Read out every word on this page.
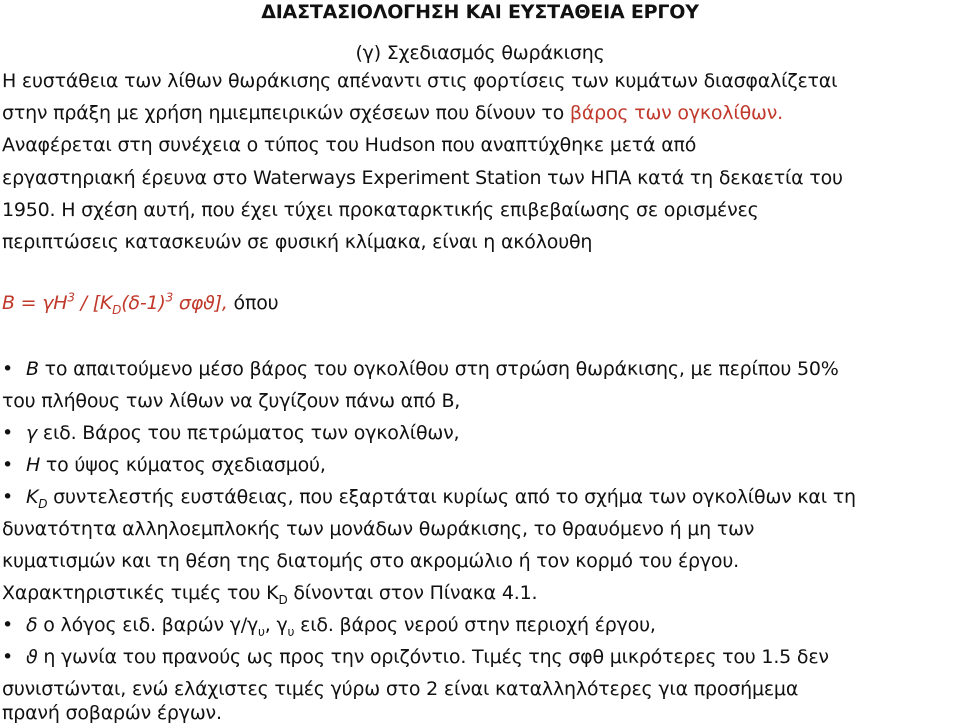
ΔΙΑΣΤΑΣΙΟΛΟΓΗΣΗ ΚΑΙ ΕΥΣΤΑΘΕΙΑ ΕΡΓΟΥ
(γ) Σχεδιασμός θωράκισης
Η ευστάθεια των λίθων θωράκισης απέναντι στις φορτίσεις των κυμάτων διασφαλίζεται
στην πράξη με χρήση ημιεμπειρικών σχέσεων που δίνουν το βάρος των ογκολίθων.
Αναφέρεται στη συνέχεια ο τύπος του Hudson που αναπτύχθηκε μετά από
εργαστηριακή έρευνα στο Waterways Experiment Station των ΗΠΑ κατά τη δεκαετία του
1950. Η σχέση αυτή, που έχει τύχει προκαταρκτικής επιβεβαίωσης σε ορισμένες
περιπτώσεις κατασκευών σε φυσική κλίμακα, είναι η ακόλουθη
$B = \gamma H^3 / [K_D(\delta-1)^3$ σφϑ], όπου
• B το απαιτούμενο μέσο βάρος του ογκολίθου στη στρώση θωράκισης, με περίπου 50%
του πλήθους των λίθων να ζυγίζουν πάνω από Β,
• γ ειδ. Βάρος του πετρώματος των ογκολίθων,
• H το ύψος κύματος σχεδιασμού,
• $K_D$ συντελεστής ευστάθειας, που εξαρτάται κυρίως από το σχήμα των ογκολίθων και τη
δυνατότητα αλληλοεμπλοκής των μονάδων θωράκισης, το θραυόμενο ή μη των
κυματισμών και τη θέση της διατομής στο ακρομώλιο ή τον κορμό του έργου.
Χαρακτηριστικές τιμές του $K_D$ δίνονται στον Πίνακα 4.1.
• δ ο λόγος ειδ. βαρών $\gamma/\gamma_\upsilon$, $\gamma_\upsilon$ ειδ. βάρος νερού στην περιοχή έργου,
• ϑ η γωνία του πρανούς ως προς την οριζόντιο. Τιμές της σφθ μικρότερες του 1.5 δεν
συνιστώνται, ενώ ελάχιστες τιμές γύρω στο 2 είναι καταλληλότερες για προσήμεμα
πρανή σοβαρών έργων.
